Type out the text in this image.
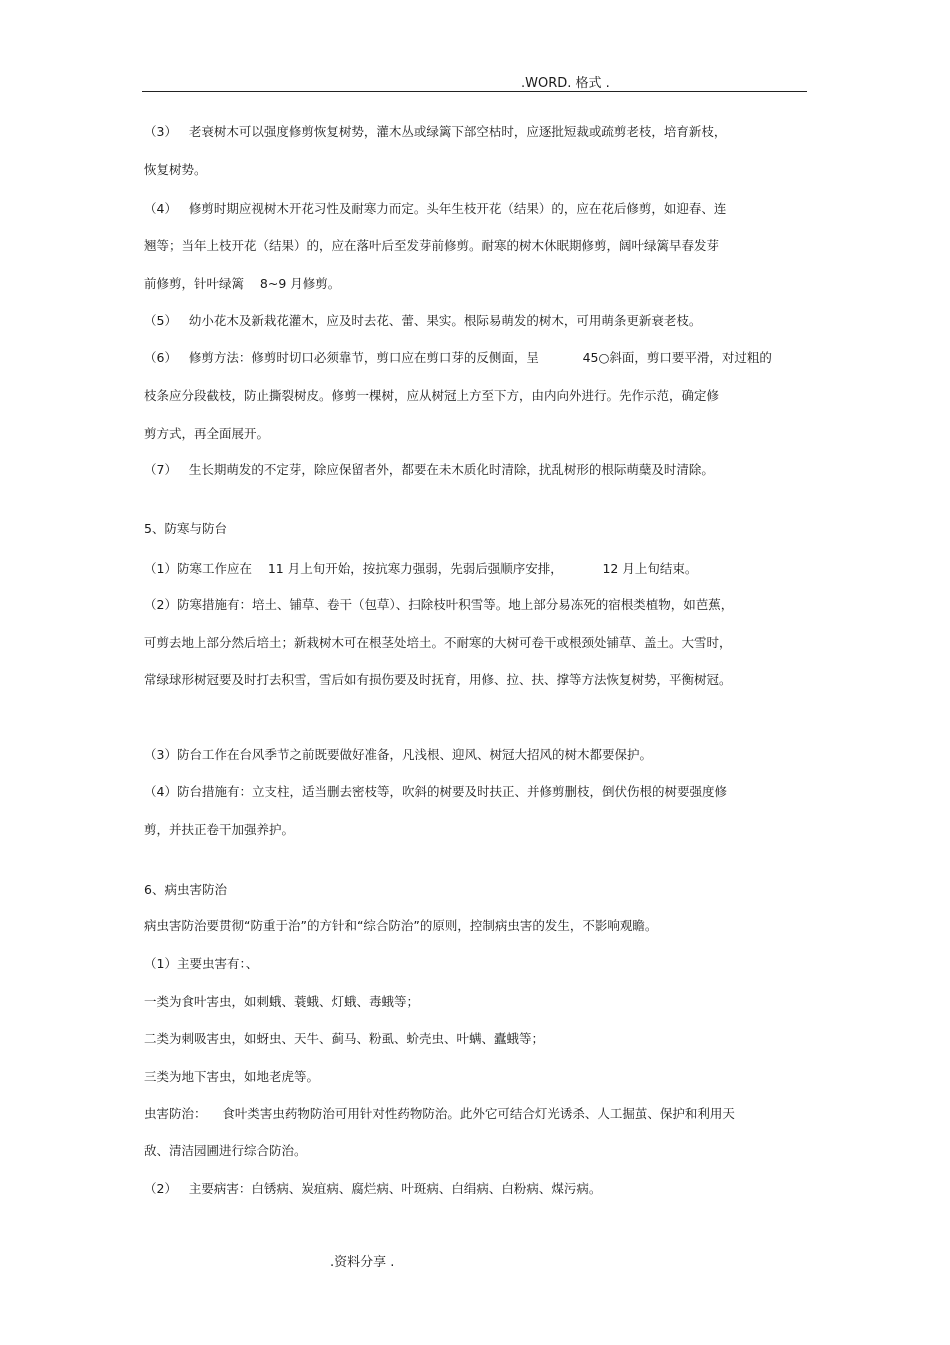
.WORD. 格式 .
（3）   老衰树木可以强度修剪恢复树势，灌木丛或绿篱下部空枯时，应逐批短裁或疏剪老枝，培育新枝，
恢复树势。
（4）   修剪时期应视树木开花习性及耐寒力而定。头年生枝开花（结果）的，应在花后修剪，如迎春、连
翘等；当年上枝开花（结果）的，应在落叶后至发芽前修剪。耐寒的树木休眠期修剪，阔叶绿篱早春发芽
前修剪，针叶绿篱    8~9 月修剪。
（5）   幼小花木及新栽花灌木，应及时去花、蕾、果实。根际易萌发的树木，可用萌条更新衰老枝。
（6）   修剪方法：修剪时切口必须靠节，剪口应在剪口芽的反侧面，呈           45○斜面，剪口要平滑，对过粗的
枝条应分段截枝，防止撕裂树皮。修剪一棵树，应从树冠上方至下方，由内向外进行。先作示范，确定修
剪方式，再全面展开。
（7）   生长期萌发的不定芽，除应保留者外，都要在未木质化时清除，扰乱树形的根际萌蘖及时清除。
5、防寒与防台
（1）防寒工作应在    11 月上旬开始，按抗寒力强弱，先弱后强顺序安排，          12 月上旬结束。
（2）防寒措施有：培土、铺草、卷干（包草）、扫除枝叶积雪等。地上部分易冻死的宿根类植物，如芭蕉，
可剪去地上部分然后培土；新栽树木可在根茎处培土。不耐寒的大树可卷干或根颈处铺草、盖土。大雪时，
常绿球形树冠要及时打去积雪，雪后如有损伤要及时抚育，用修、拉、扶、撑等方法恢复树势，平衡树冠。
（3）防台工作在台风季节之前既要做好准备，凡浅根、迎风、树冠大招风的树木都要保护。
（4）防台措施有：立支柱，适当删去密枝等，吹斜的树要及时扶正、并修剪删枝，倒伏伤根的树要强度修
剪，并扶正卷干加强养护。
6、病虫害防治
病虫害防治要贯彻“防重于治”的方针和“综合防治”的原则，控制病虫害的发生，不影响观瞻。
（1）主要虫害有：、
一类为食叶害虫，如刺蛾、蓑蛾、灯蛾、毒蛾等；
二类为刺吸害虫，如蚜虫、天牛、蓟马、粉虱、蚧壳虫、叶螨、蠹蛾等；
三类为地下害虫，如地老虎等。
虫害防治：    食叶类害虫药物防治可用针对性药物防治。此外它可结合灯光诱杀、人工掘茧、保护和利用天
敌、清洁园圃进行综合防治。
（2）   主要病害：白锈病、炭疽病、腐烂病、叶斑病、白绢病、白粉病、煤污病。
.资料分享 .
